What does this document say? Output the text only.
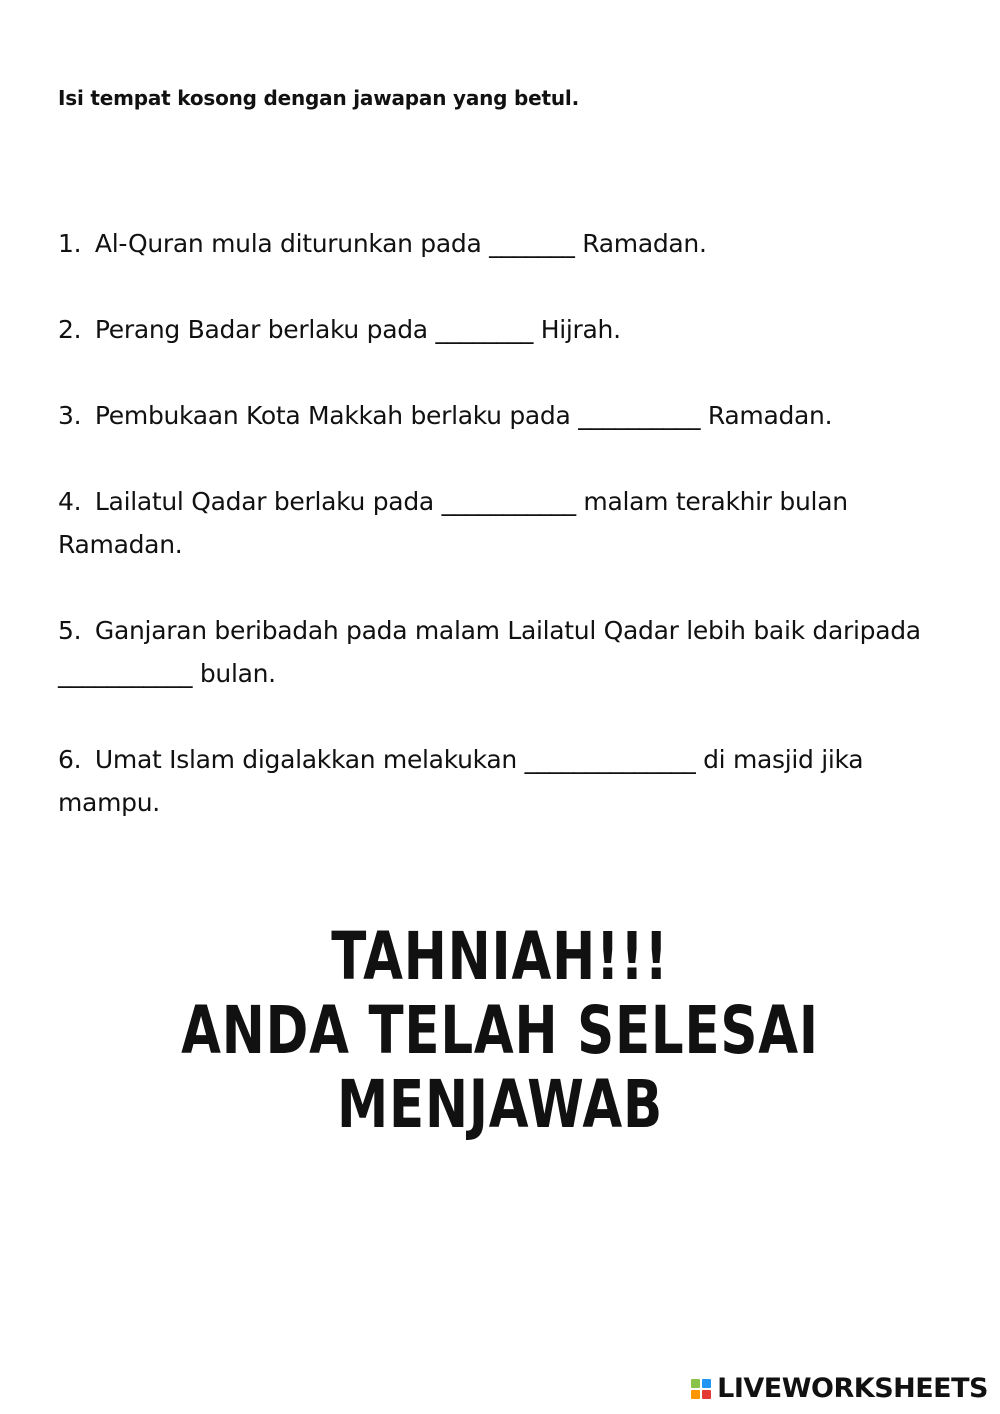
Isi tempat kosong dengan jawapan yang betul.

1. Al-Quran mula diturunkan pada _______ Ramadan.

2. Perang Badar berlaku pada ________ Hijrah.

3. Pembukaan Kota Makkah berlaku pada __________ Ramadan.

4. Lailatul Qadar berlaku pada ___________ malam terakhir bulan Ramadan.

5. Ganjaran beribadah pada malam Lailatul Qadar lebih baik daripada ___________ bulan.

6. Umat Islam digalakkan melakukan ______________ di masjid jika mampu.

TAHNIAH!!!
ANDA TELAH SELESAI
MENJAWAB
LIVEWORKSHEETS
